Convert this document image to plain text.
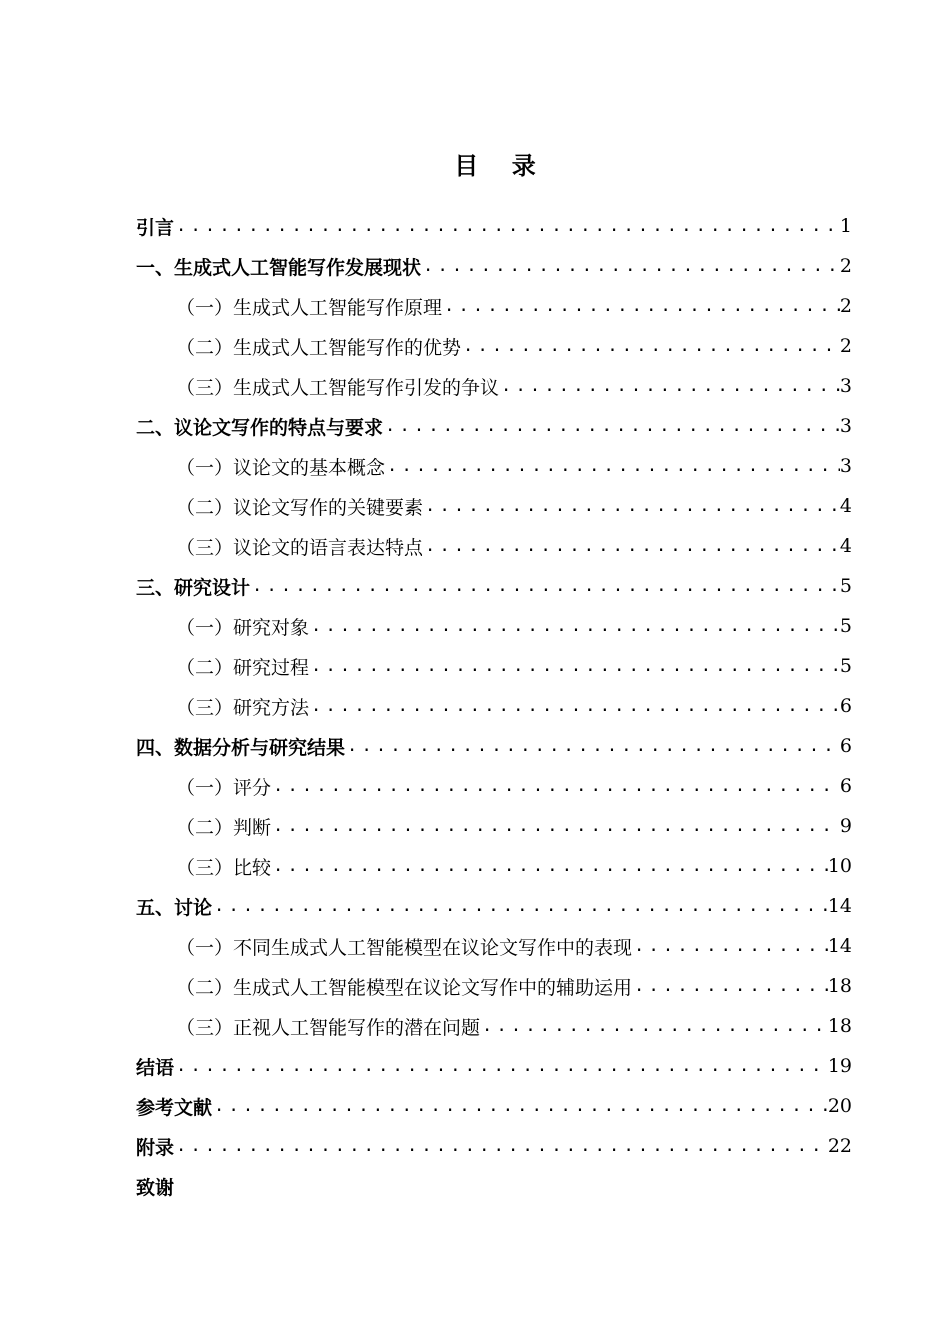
目    录
引言 .....	1
一、生成式人工智能写作发展现状 .....	2
（一）生成式人工智能写作原理 .....	2
（二）生成式人工智能写作的优势 .....	2
（三）生成式人工智能写作引发的争议 .....	3
二、议论文写作的特点与要求 .....	3
（一）议论文的基本概念 .....	3
（二）议论文写作的关键要素 .....	4
（三）议论文的语言表达特点 .....	4
三、研究设计 .....	5
（一）研究对象 .....	5
（二）研究过程 .....	5
（三）研究方法 .....	6
四、数据分析与研究结果 .....	6
（一）评分 .....	6
（二）判断 .....	9
（三）比较 .....	10
五、讨论 .....	14
（一）不同生成式人工智能模型在议论文写作中的表现 .....	14
（二）生成式人工智能模型在议论文写作中的辅助运用 .....	18
（三）正视人工智能写作的潜在问题 .....	18
结语 .....	19
参考文献 .....	20
附录 .....	22
致谢
